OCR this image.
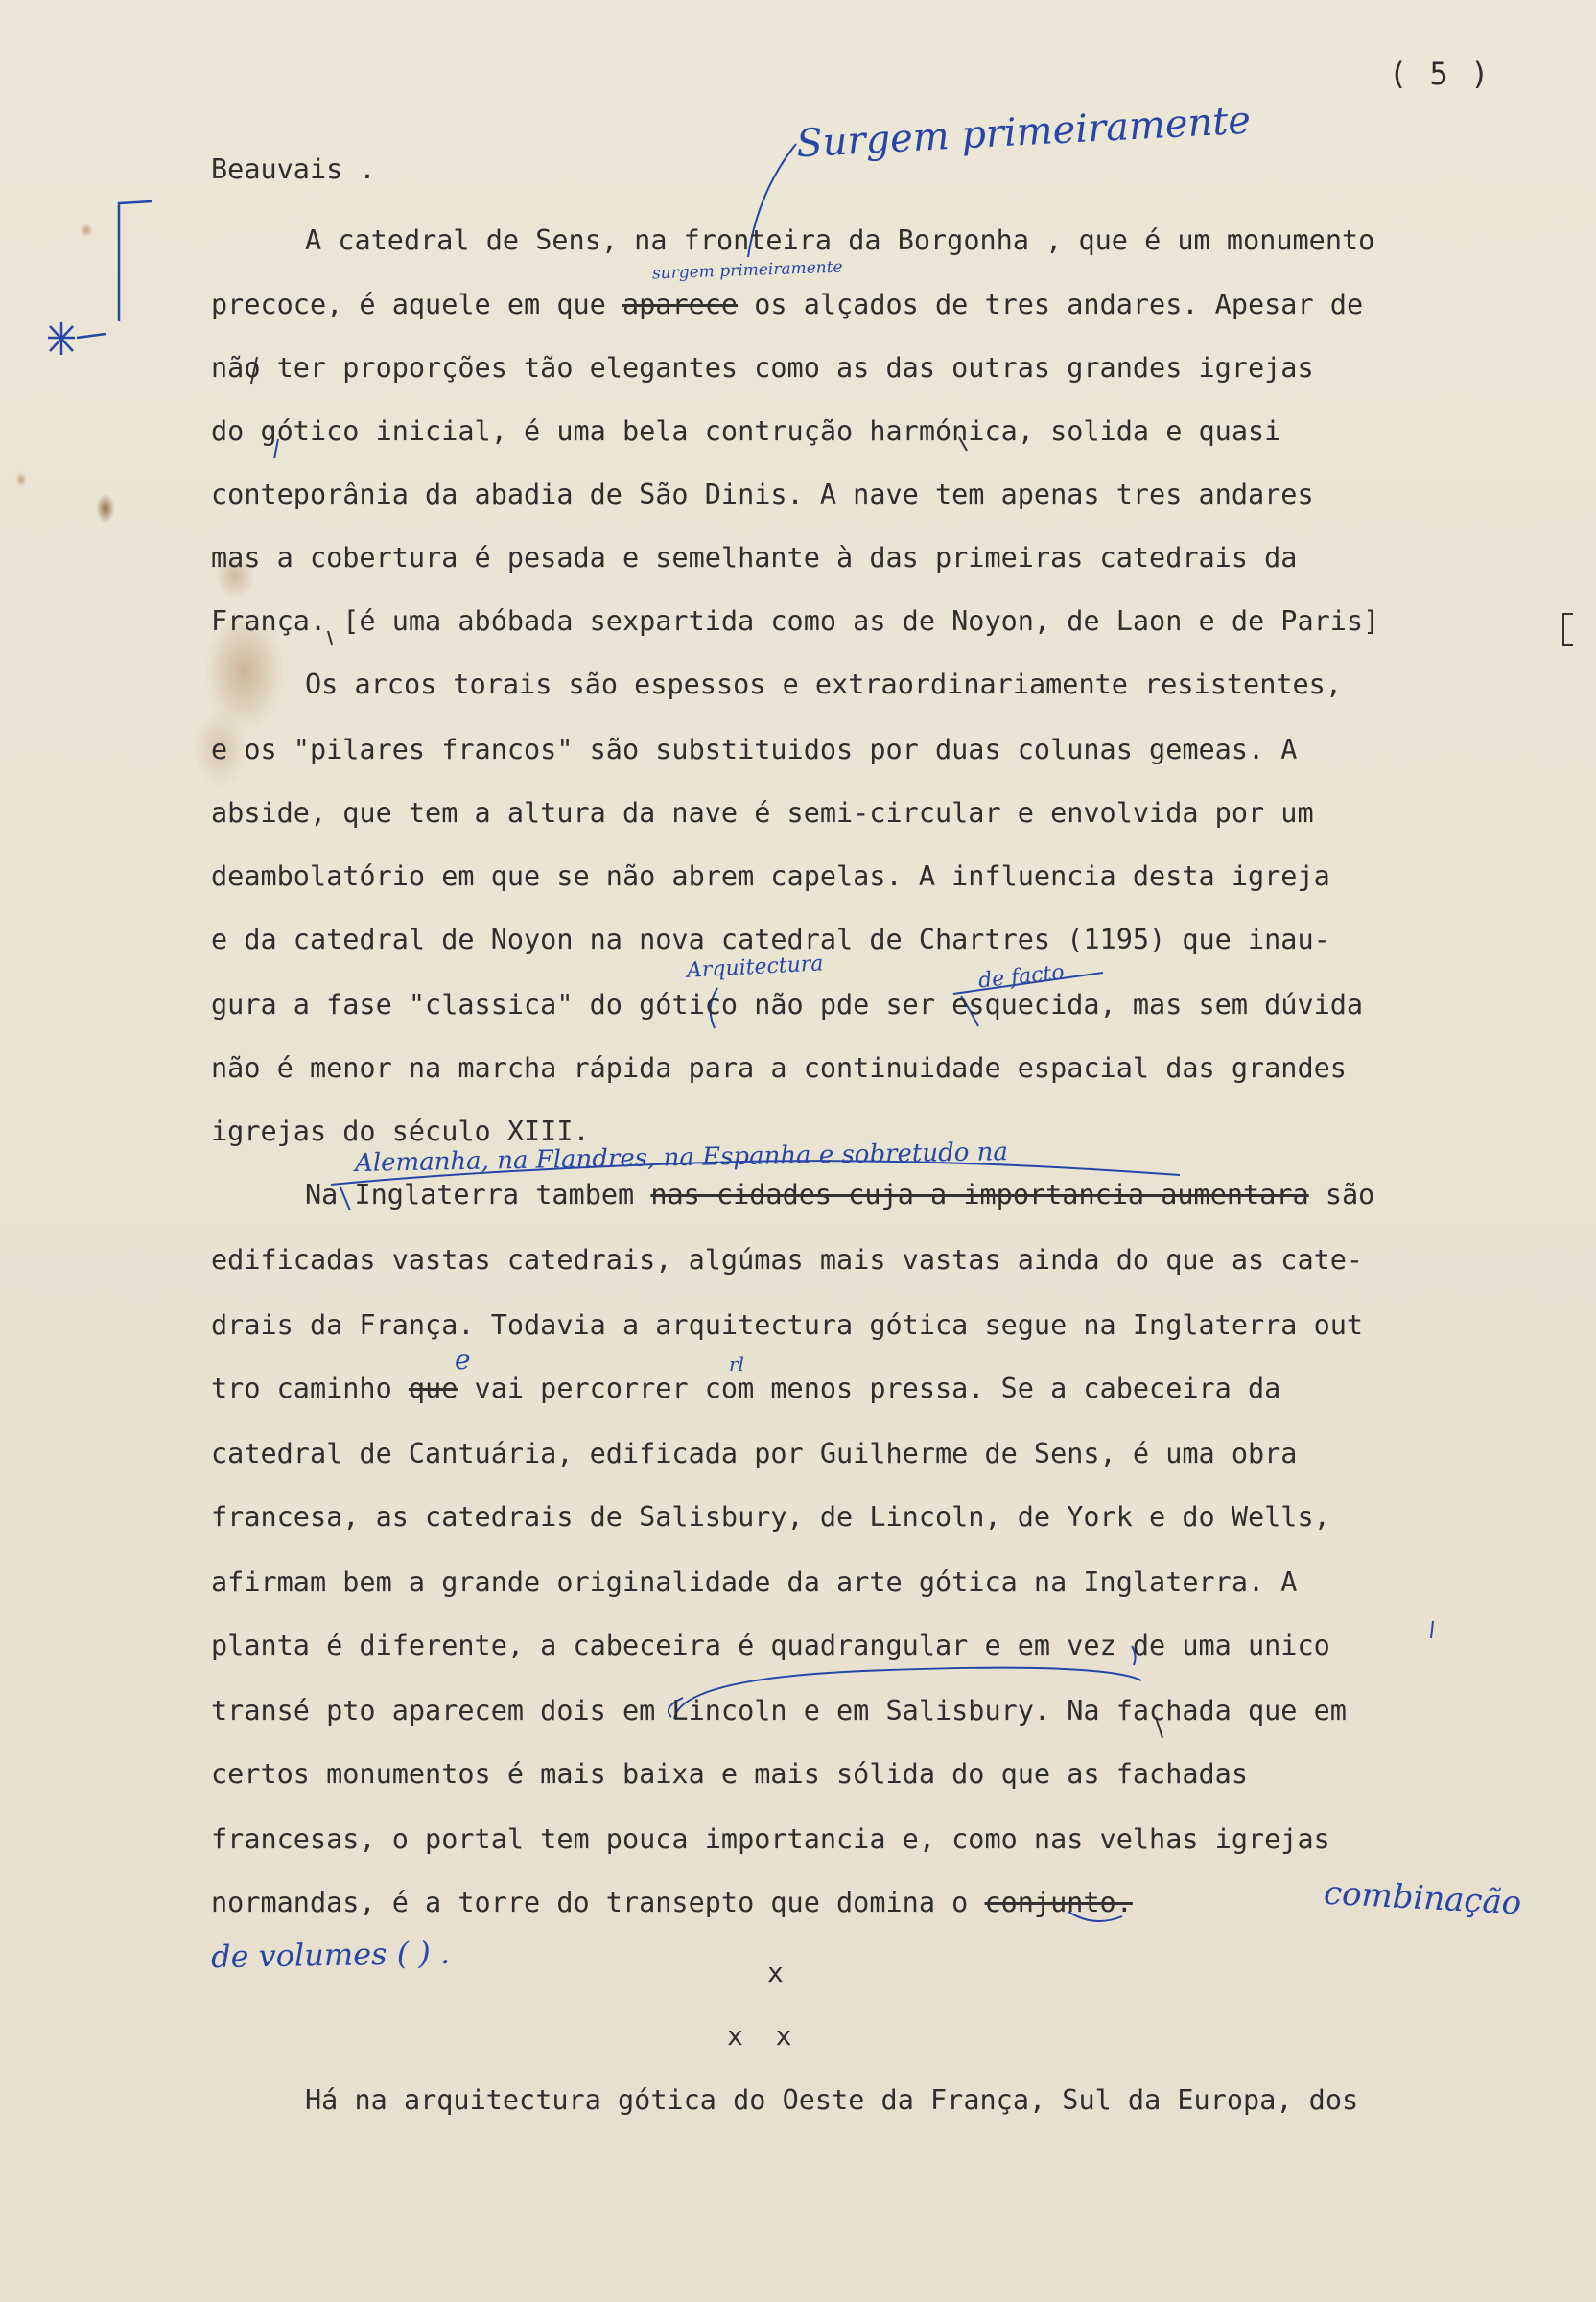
( 5 )
Beauvais .
A catedral de Sens, na fronteira da Borgonha , que é um monumento
precoce, é aquele em que aparece os alçados de tres andares. Apesar de
não ter proporções tão elegantes como as das outras grandes igrejas
do gótico inicial, é uma bela contrução harmónica, solida e quasi
conteporânia da abadia de São Dinis. A nave tem apenas tres andares
mas a cobertura é pesada e semelhante à das primeiras catedrais da
França. [é uma abóbada sexpartida como as de Noyon, de Laon e de Paris]
Os arcos torais são espessos e extraordinariamente resistentes,
e os "pilares francos" são substituidos por duas colunas gemeas. A
abside, que tem a altura da nave é semi-circular e envolvida por um
deambolatório em que se não abrem capelas. A influencia desta igreja
e da catedral de Noyon na nova catedral de Chartres (1195) que inau-
gura a fase "classica" do gótico não pde ser esquecida, mas sem dúvida
não é menor na marcha rápida para a continuidade espacial das grandes
igrejas do século XIII.
Na Inglaterra tambem nas cidades cuja a importancia aumentara são
edificadas vastas catedrais, algúmas mais vastas ainda do que as cate-
drais da França. Todavia a arquitectura gótica segue na Inglaterra out
tro caminho que vai percorrer com menos pressa. Se a cabeceira da
catedral de Cantuária, edificada por Guilherme de Sens, é uma obra
francesa, as catedrais de Salisbury, de Lincoln, de York e do Wells,
afirmam bem a grande originalidade da arte gótica na Inglaterra. A
planta é diferente, a cabeceira é quadrangular e em vez de uma unico
transé pto aparecem dois em Lincoln e em Salisbury. Na fachada que em
certos monumentos é mais baixa e mais sólida do que as fachadas
francesas, o portal tem pouca importancia e, como nas velhas igrejas
normandas, é a torre do transepto que domina o conjunto.
x
x  x
Há na arquitectura gótica do Oeste da França, Sul da Europa, dos
Surgem primeiramente
surgem primeiramente
Arquitectura	de facto
Alemanha, na Flandres, na Espanha e sobretudo na
e	rl
combinação
de volumes ( ) .
